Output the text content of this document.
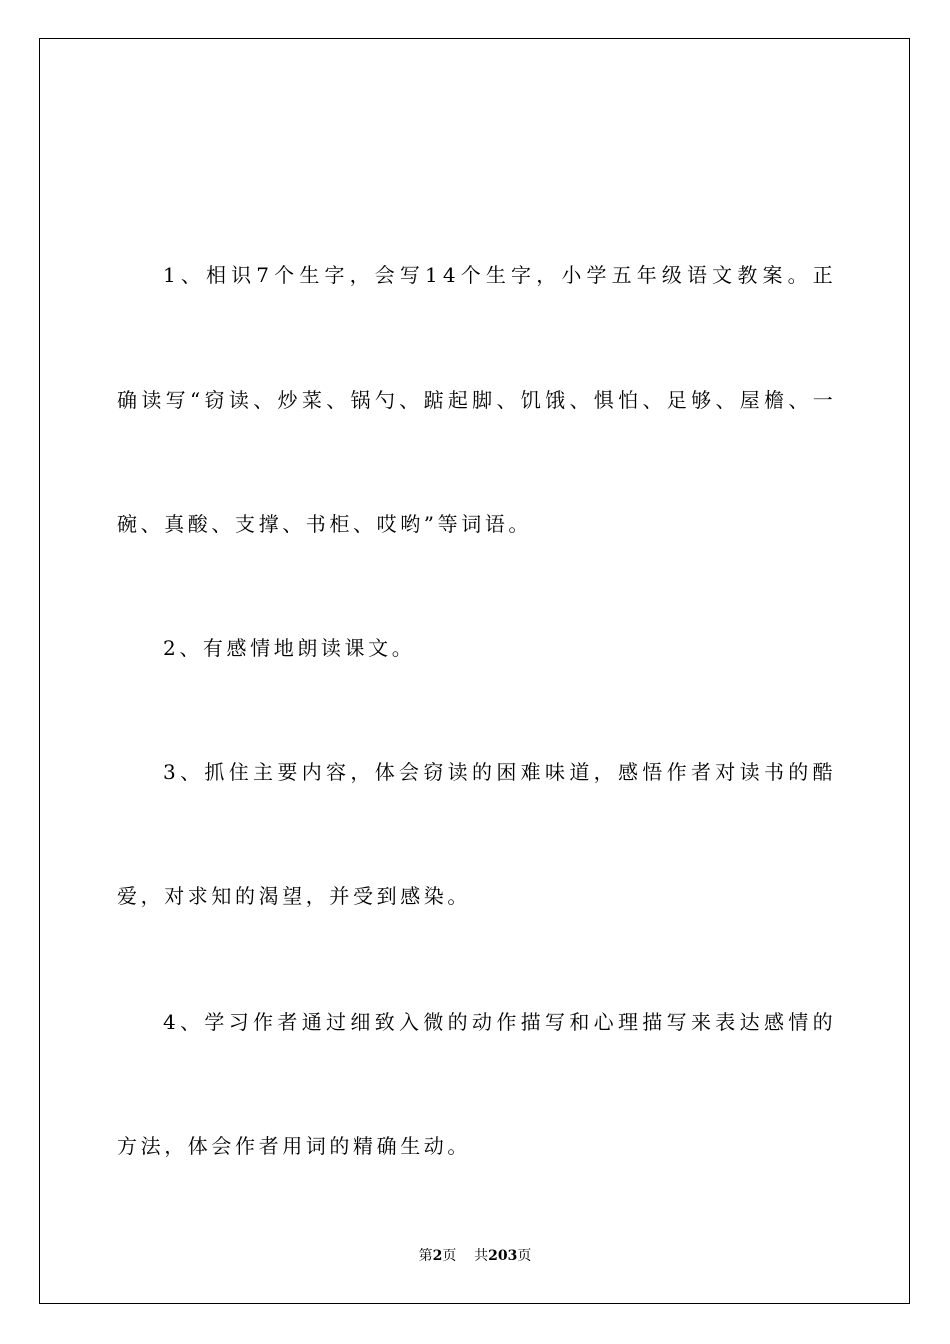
1 、 相 识 7 个 生 字 ， 会 写 1 4 个 生 字 ， 小 学 五 年 级 语 文 教 案 。 正
确 读 写 “ 窃 读 、 炒 菜 、 锅 勺 、 踮 起 脚 、 饥 饿 、 惧 怕 、 足 够 、 屋 檐 、 一
碗、真酸、支撑、书柜、哎哟”等词语。
2、有感情地朗读课文。
3 、 抓 住 主 要 内 容 ， 体 会 窃 读 的 困 难 味 道 ， 感 悟 作 者 对 读 书 的 酷
爱，对求知的渴望，并受到感染。
4 、 学 习 作 者 通 过 细 致 入 微 的 动 作 描 写 和 心 理 描 写 来 表 达 感 情 的
方法，体会作者用词的精确生动。
第2页 共203页
